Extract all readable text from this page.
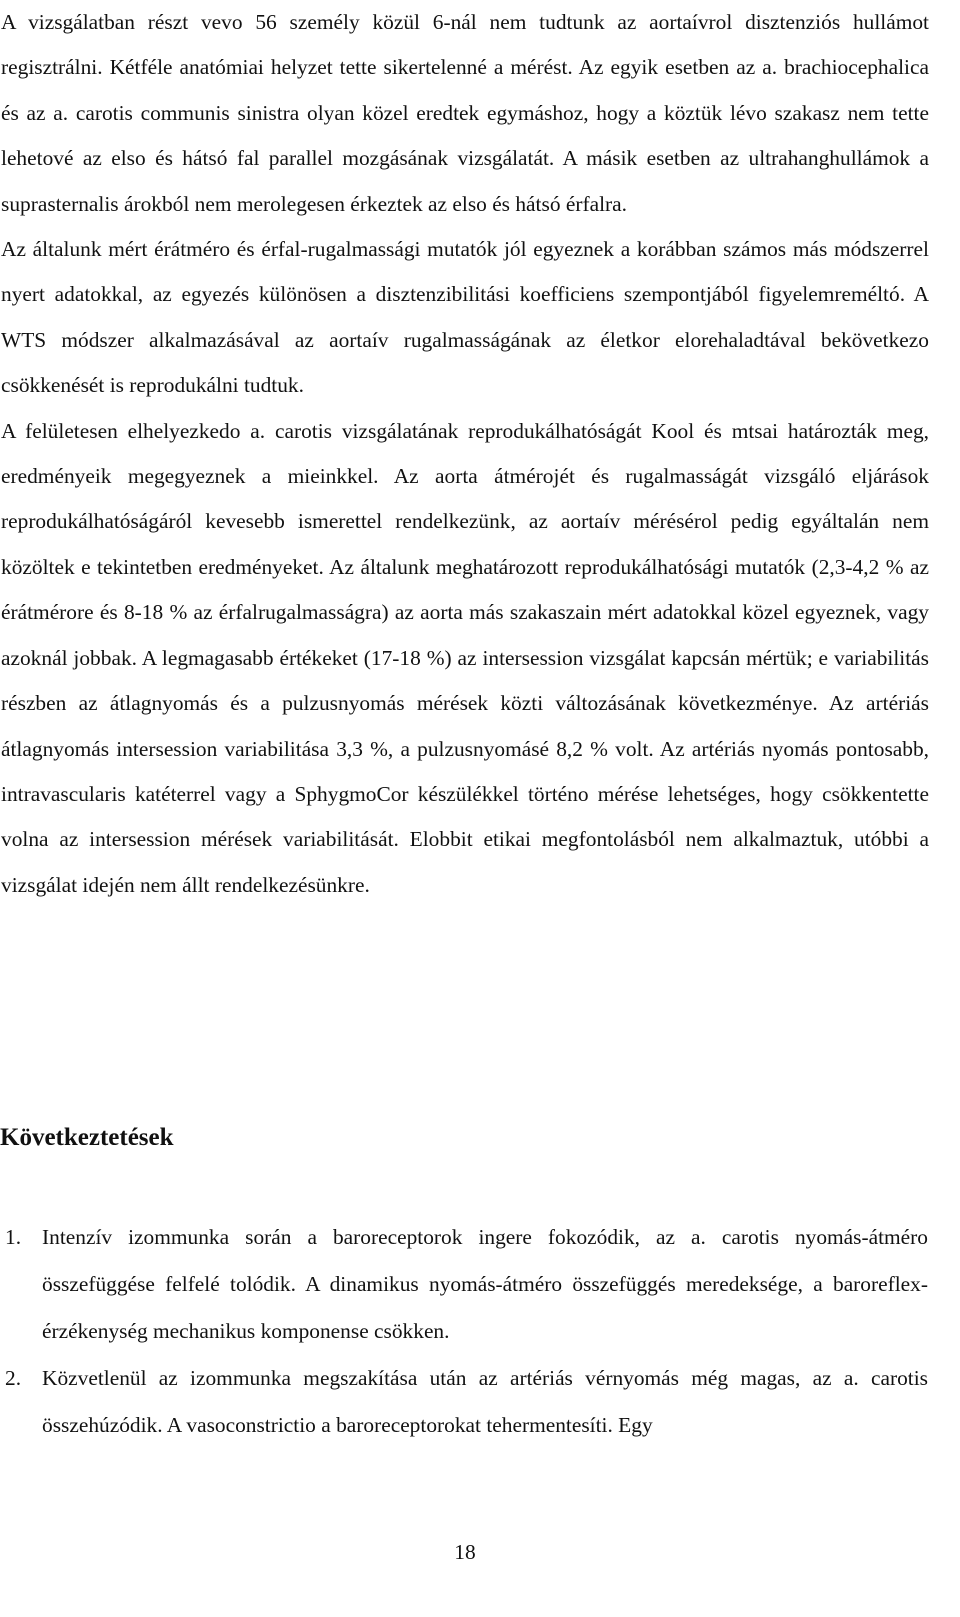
A vizsgálatban részt vevo 56 személy közül 6-nál nem tudtunk az aortaívrol disztenziós hullámot regisztrálni. Kétféle anatómiai helyzet tette sikertelenné a mérést. Az egyik esetben az a. brachiocephalica és az a. carotis communis sinistra olyan közel eredtek egymáshoz, hogy a köztük lévo szakasz nem tette lehetové az elso és hátsó fal parallel mozgásának vizsgálatát. A másik esetben az ultrahanghullámok a suprasternalis árokból nem merolegesen érkeztek az elso és hátsó érfalra.

Az általunk mért érátméro és érfal-rugalmassági mutatók jól egyeznek a korábban számos más módszerrel nyert adatokkal, az egyezés különösen a disztenzibilitási koefficiens szempontjából figyelemreméltó. A WTS módszer alkalmazásával az aortaív rugalmasságának az életkor elorehaladtával bekövetkezo csökkenését is reprodukálni tudtuk.

A felületesen elhelyezkedo a. carotis vizsgálatának reprodukálhatóságát Kool és mtsai határozták meg, eredményeik megegyeznek a mieinkkel. Az aorta átmérojét és rugalmasságát vizsgáló eljárások reprodukálhatóságáról kevesebb ismerettel rendelkezünk, az aortaív mérésérol pedig egyáltalán nem közöltek e tekintetben eredményeket. Az általunk meghatározott reprodukálhatósági mutatók (2,3-4,2 % az érátmérore és 8-18 % az érfalrugalmasságra) az aorta más szakaszain mért adatokkal közel egyeznek, vagy azoknál jobbak. A legmagasabb értékeket (17-18 %) az intersession vizsgálat kapcsán mértük; e variabilitás részben az átlagnyomás és a pulzusnyomás mérések közti változásának következménye. Az artériás átlagnyomás intersession variabilitása 3,3 %, a pulzusnyomásé 8,2 % volt. Az artériás nyomás pontosabb, intravascularis katéterrel vagy a SphygmoCor készülékkel történo mérése lehetséges, hogy csökkentette volna az intersession mérések variabilitását. Elobbit etikai megfontolásból nem alkalmaztuk, utóbbi a vizsgálat idején nem állt rendelkezésünkre.

Következtetések
1. Intenzív izommunka során a baroreceptorok ingere fokozódik, az a. carotis nyomás-átméro összefüggése felfelé tolódik. A dinamikus nyomás-átméro összefüggés meredeksége, a baroreflex-érzékenység mechanikus komponense csökken.
2. Közvetlenül az izommunka megszakítása után az artériás vérnyomás még magas, az a. carotis összehúzódik. A vasoconstrictio a baroreceptorokat tehermentesíti. Egy
18
